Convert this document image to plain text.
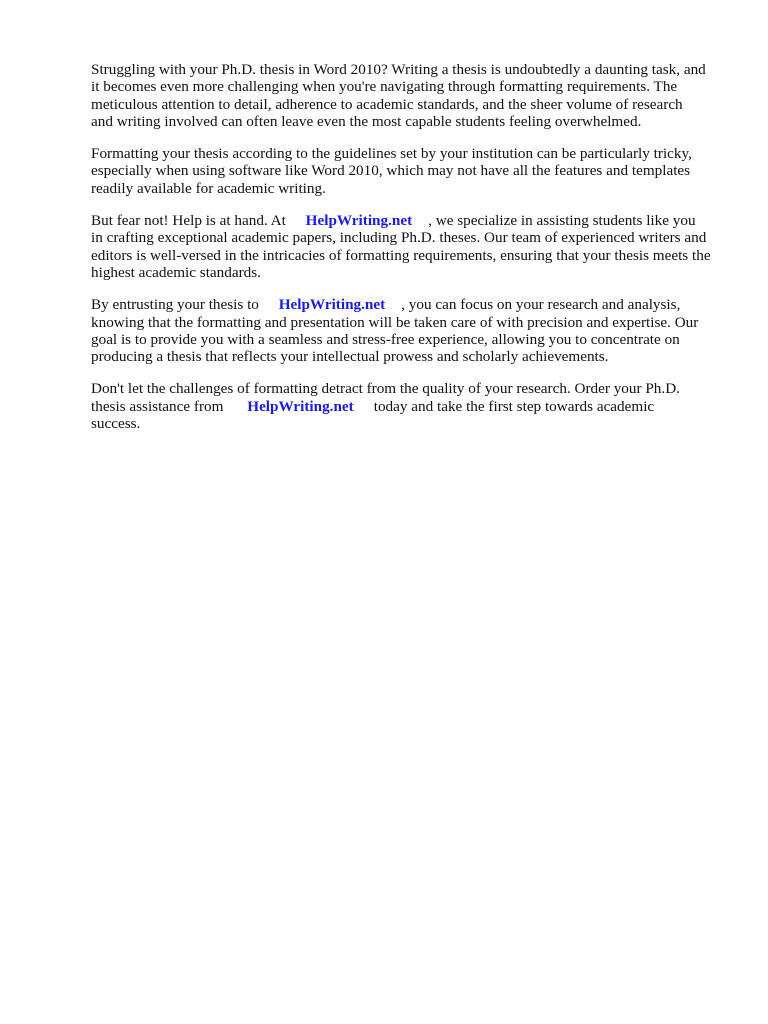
Struggling with your Ph.D. thesis in Word 2010? Writing a thesis is undoubtedly a daunting task, and
it becomes even more challenging when you're navigating through formatting requirements. The
meticulous attention to detail, adherence to academic standards, and the sheer volume of research
and writing involved can often leave even the most capable students feeling overwhelmed.

Formatting your thesis according to the guidelines set by your institution can be particularly tricky,
especially when using software like Word 2010, which may not have all the features and templates
readily available for academic writing.

But fear not! Help is at hand. At HelpWriting.net , we specialize in assisting students like you
in crafting exceptional academic papers, including Ph.D. theses. Our team of experienced writers and
editors is well-versed in the intricacies of formatting requirements, ensuring that your thesis meets the
highest academic standards.

By entrusting your thesis to HelpWriting.net , you can focus on your research and analysis,
knowing that the formatting and presentation will be taken care of with precision and expertise. Our
goal is to provide you with a seamless and stress-free experience, allowing you to concentrate on
producing a thesis that reflects your intellectual prowess and scholarly achievements.

Don't let the challenges of formatting detract from the quality of your research. Order your Ph.D.
thesis assistance from HelpWriting.net today and take the first step towards academic
success.
